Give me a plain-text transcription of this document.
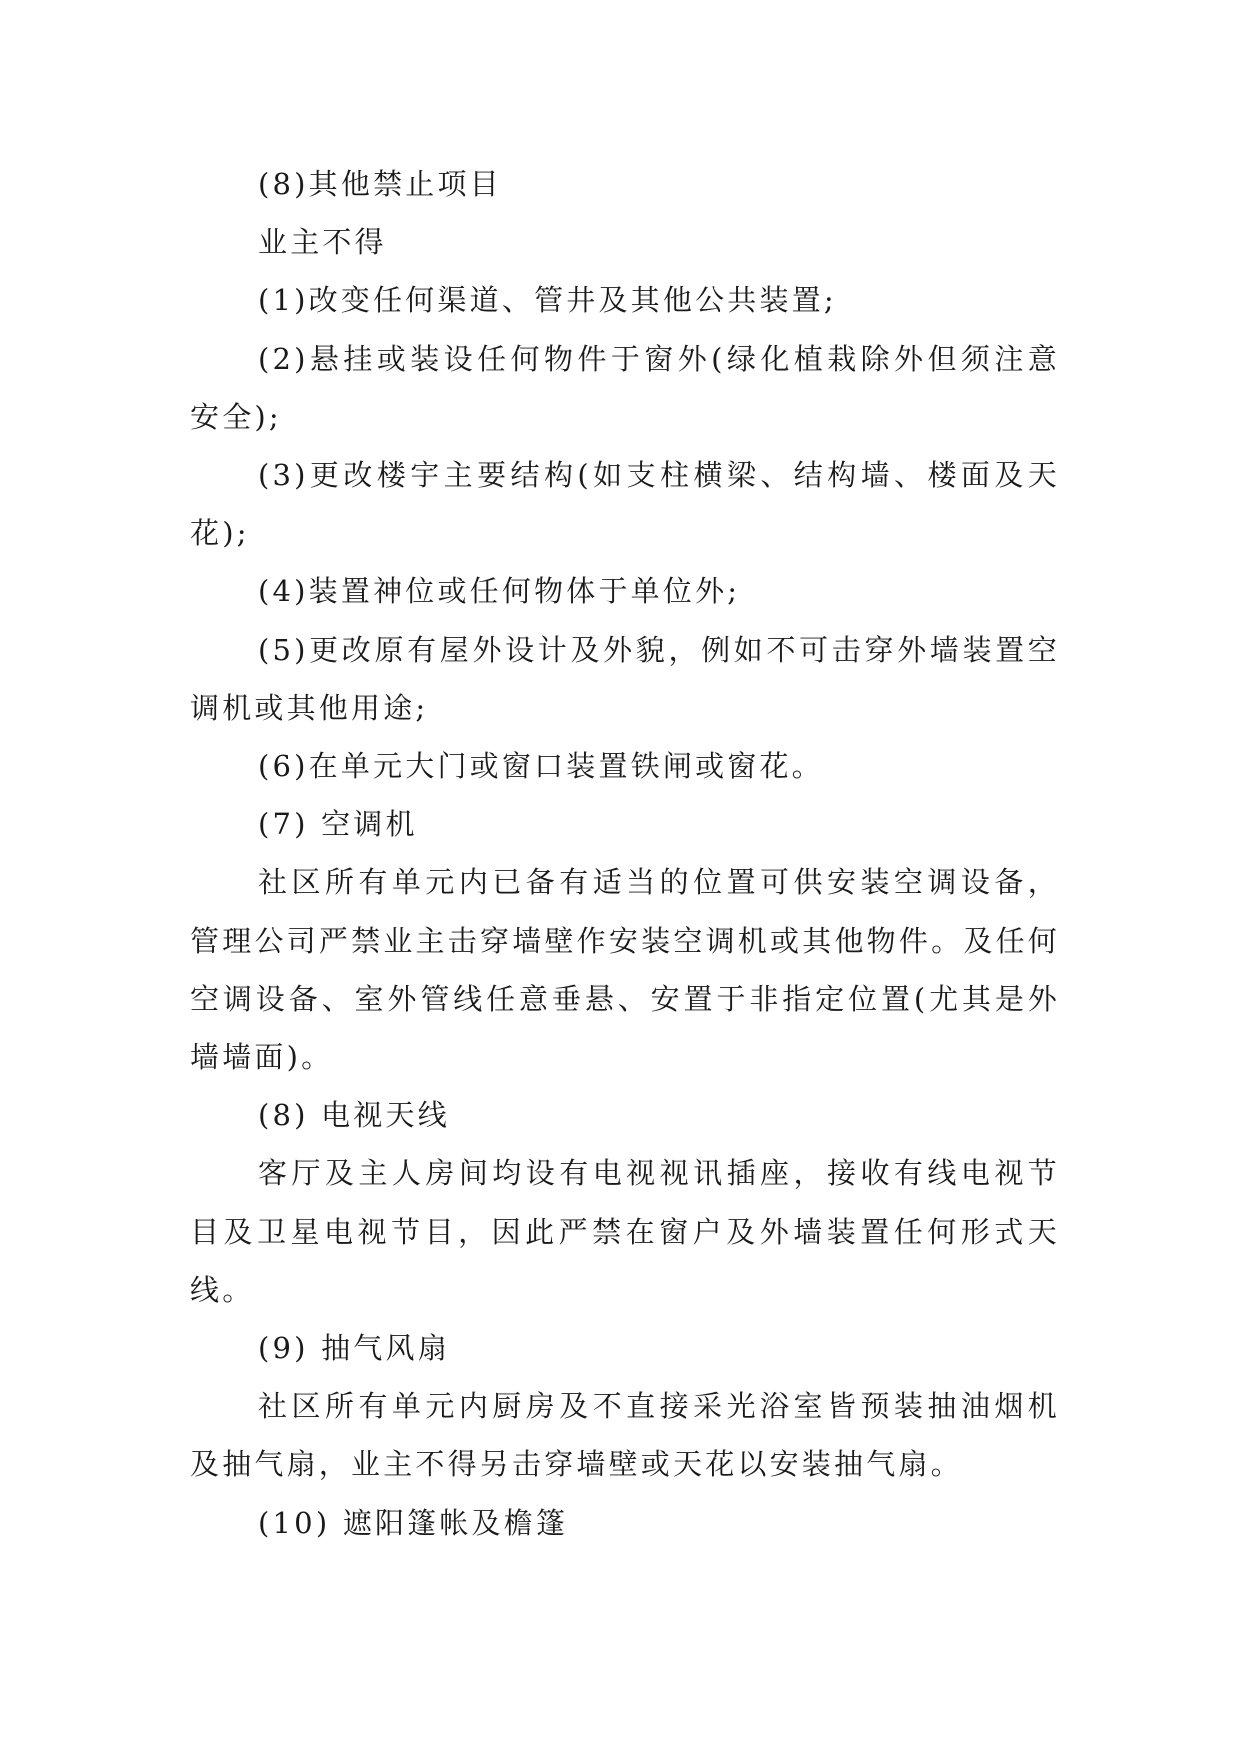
(8)其他禁止项目

业主不得

(1)改变任何渠道、管井及其他公共装置;

(2)悬挂或装设任何物件于窗外(绿化植栽除外但须注意安全);

(3)更改楼宇主要结构(如支柱横梁、结构墙、楼面及天花);

(4)装置神位或任何物体于单位外;

(5)更改原有屋外设计及外貌，例如不可击穿外墙装置空调机或其他用途;

(6)在单元大门或窗口装置铁闸或窗花。

(7) 空调机

社区所有单元内已备有适当的位置可供安装空调设备，管理公司严禁业主击穿墙壁作安装空调机或其他物件。及任何空调设备、室外管线任意垂悬、安置于非指定位置(尤其是外墙墙面)。

(8) 电视天线

客厅及主人房间均设有电视视讯插座，接收有线电视节目及卫星电视节目，因此严禁在窗户及外墙装置任何形式天线。

(9) 抽气风扇

社区所有单元内厨房及不直接采光浴室皆预装抽油烟机及抽气扇，业主不得另击穿墙壁或天花以安装抽气扇。

(10) 遮阳篷帐及檐篷
